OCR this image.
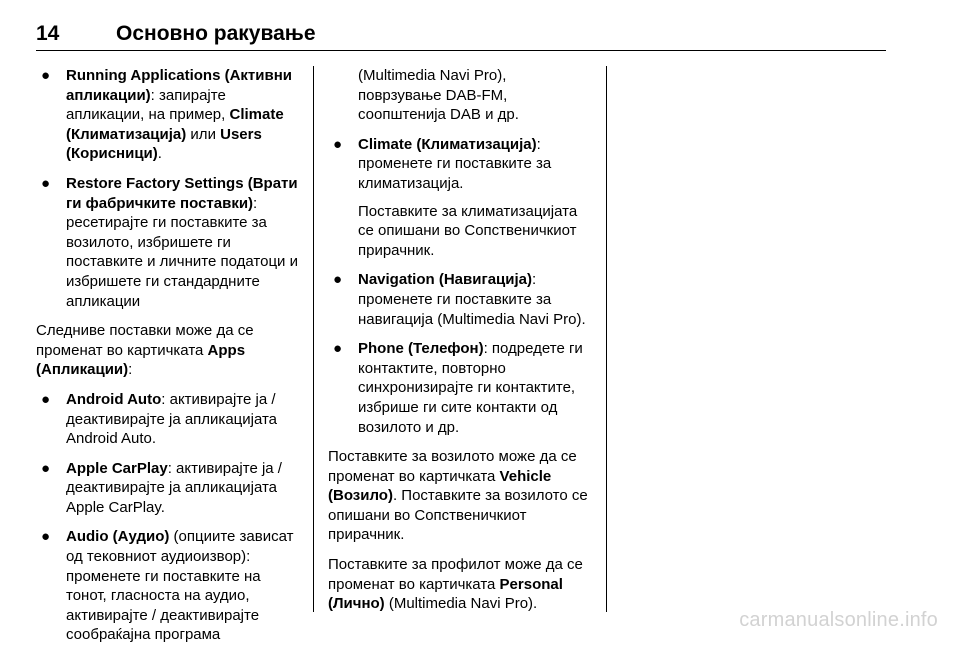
14	Основно ракување
● Running Applications (Активни апликации): запирајте апликации, на пример, Climate (Климатизација) или Users (Корисници).
● Restore Factory Settings (Врати ги фабричките поставки): ресетирајте ги поставките за возилото, избришете ги поставките и личните податоци и избришете ги стандардните апликации

Следниве поставки може да се променат во картичката Apps (Апликации):

● Android Auto: активирајте ја / деактивирајте ја апликацијата Android Auto.
● Apple CarPlay: активирајте ја / деактивирајте ја апликацијата Apple CarPlay.
● Audio (Аудио) (опциите зависат од тековниот аудиоизвор): променете ги поставките на тонот, гласноста на аудио, активирајте / деактивирајте сообраќајна програма

(Multimedia Navi Pro), поврзување DAB-FM, соопштенија DAB и др.

● Climate (Климатизација): променете ги поставките за климатизација.
Поставките за климатизацијата се опишани во Сопственичкиот прирачник.
● Navigation (Навигација): променете ги поставките за навигација (Multimedia Navi Pro).
● Phone (Телефон): подредете ги контактите, повторно синхронизирајте ги контактите, избрише ги сите контакти од возилото и др.

Поставките за возилото може да се променат во картичката Vehicle (Возило). Поставките за возилото се опишани во Сопственичкиот прирачник.

Поставките за профилот може да се променат во картичката Personal (Лично) (Multimedia Navi Pro).

carmanualsonline.info
